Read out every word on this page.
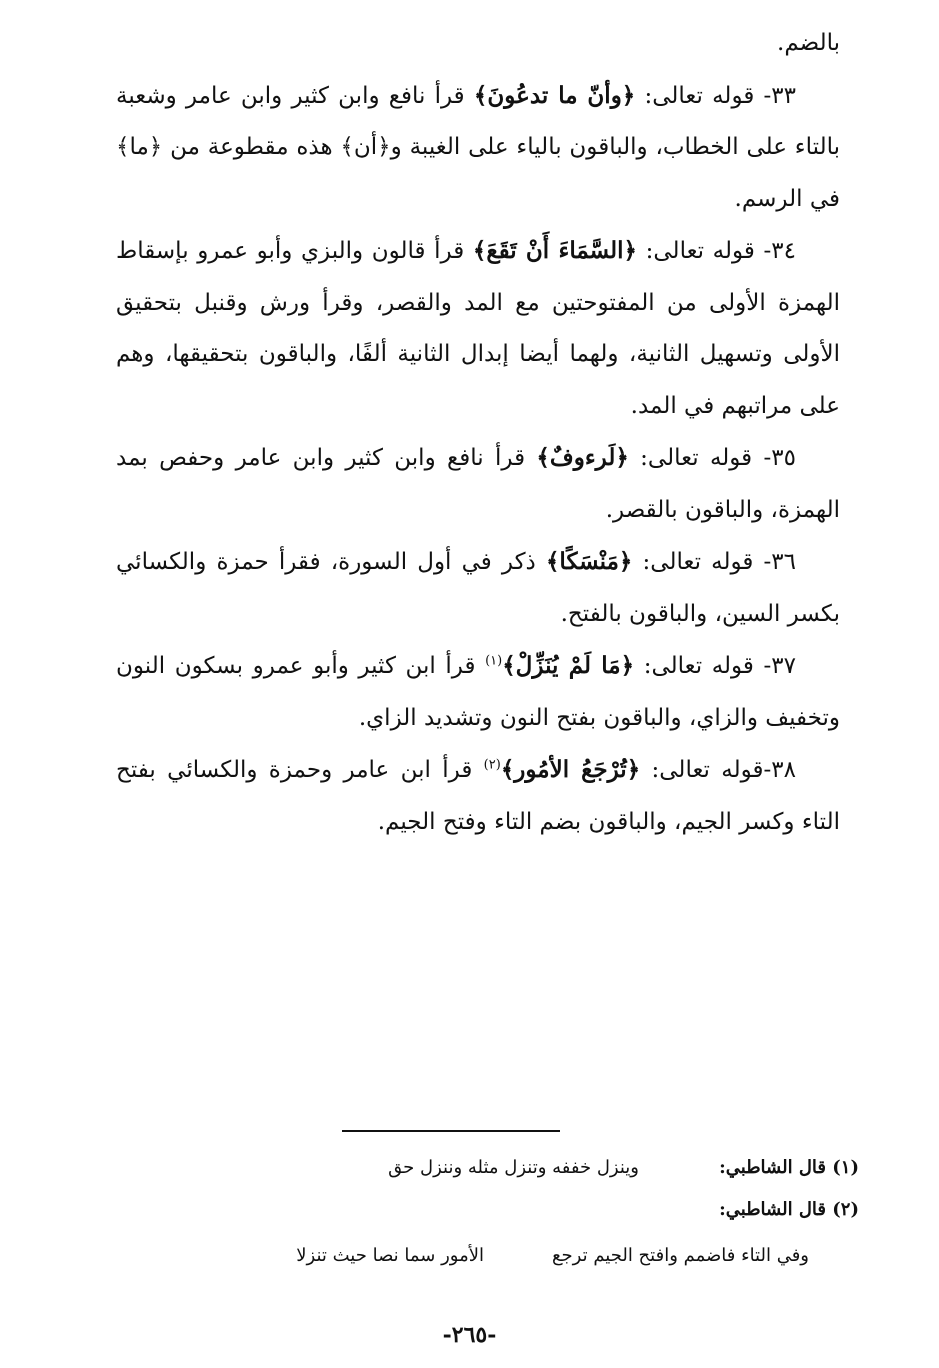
بالضم.

٣٣- قوله تعالى: ﴿وأنّ ما تدعُونَ﴾ قرأ نافع وابن كثير وابن عامر وشعبة بالتاء على الخطاب، والباقون بالياء على الغيبة و﴿أن﴾ هذه مقطوعة من ﴿ما﴾ في الرسم.

٣٤- قوله تعالى: ﴿السَّمَاءَ أَنْ تَقَعَ﴾ قرأ قالون والبزي وأبو عمرو بإسقاط الهمزة الأولى من المفتوحتين مع المد والقصر، وقرأ ورش وقنبل بتحقيق الأولى وتسهيل الثانية، ولهما أيضا إبدال الثانية ألفًا، والباقون بتحقيقها، وهم على مراتبهم في المد.

٣٥- قوله تعالى: ﴿لَرءوفٌ﴾ قرأ نافع وابن كثير وابن عامر وحفص بمد الهمزة، والباقون بالقصر.

٣٦- قوله تعالى: ﴿مَنْسَكًا﴾ ذكر في أول السورة، فقرأ حمزة والكسائي بكسر السين، والباقون بالفتح.

٣٧- قوله تعالى: ﴿مَا لَمْ يُنَزِّلْ﴾$^{(١)}$ قرأ ابن كثير وأبو عمرو بسكون النون وتخفيف والزاي، والباقون بفتح النون وتشديد الزاي.

٣٨-قوله تعالى: ﴿تُرْجَعُ الأمُور﴾$^{(٢)}$ قرأ ابن عامر وحمزة والكسائي بفتح التاء وكسر الجيم، والباقون بضم التاء وفتح الجيم.

(١) قال الشاطبي:
وينزل خففه وتنزل مثله وننزل حق
(٢) قال الشاطبي:
وفي التاء فاضمم وافتح الجيم ترجع
الأمور سما نصا حيث تنزلا
-٢٦٥-
